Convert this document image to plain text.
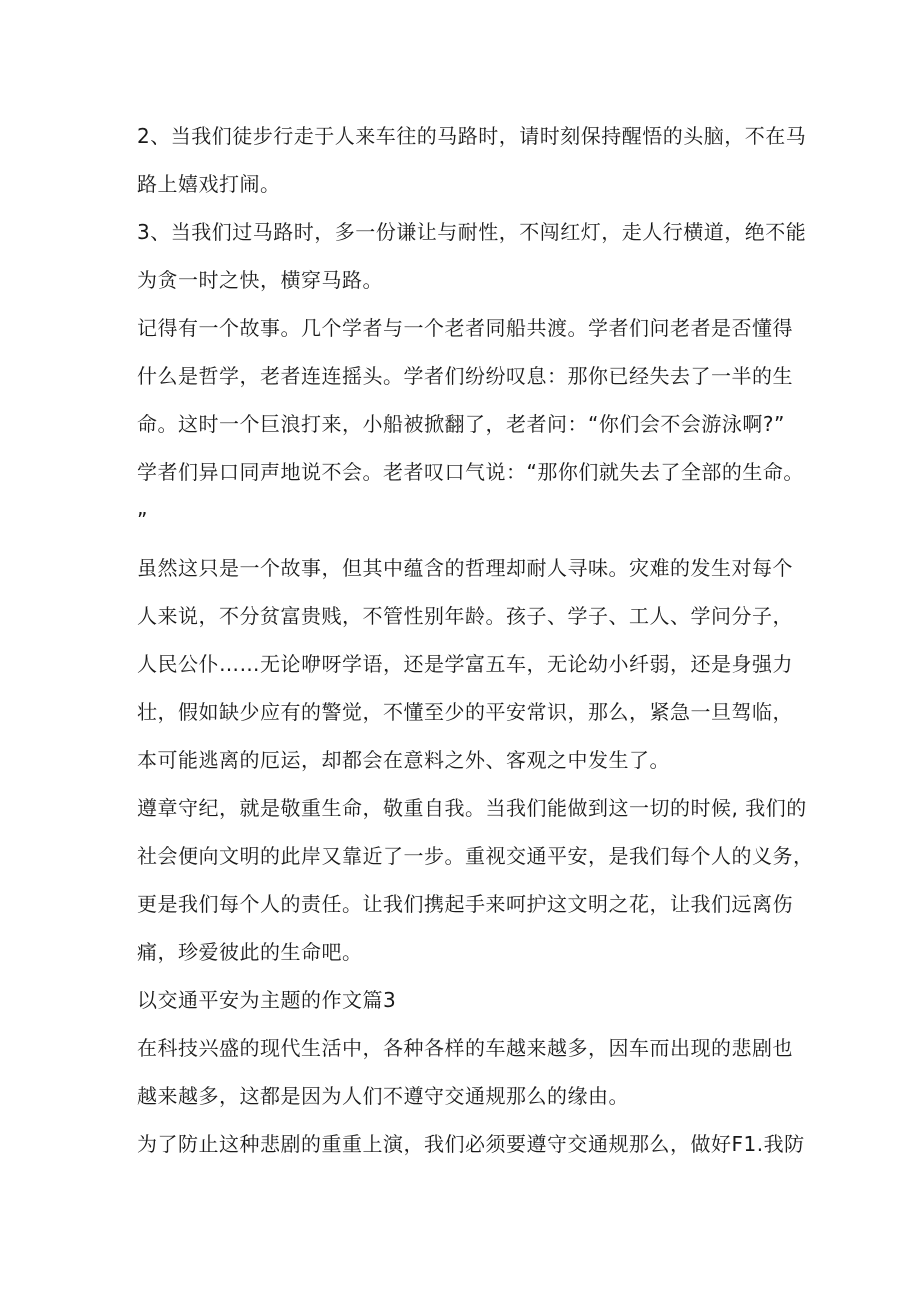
2、当我们徒步行走于人来车往的马路时，请时刻保持醒悟的头脑，不在马
路上嬉戏打闹。
3、当我们过马路时，多一份谦让与耐性，不闯红灯，走人行横道，绝不能
为贪一时之快，横穿马路。
记得有一个故事。几个学者与一个老者同船共渡。学者们问老者是否懂得
什么是哲学，老者连连摇头。学者们纷纷叹息：那你已经失去了一半的生
命。这时一个巨浪打来，小船被掀翻了，老者问：“你们会不会游泳啊?”
学者们异口同声地说不会。老者叹口气说：“那你们就失去了全部的生命。
”
虽然这只是一个故事，但其中蕴含的哲理却耐人寻味。灾难的发生对每个
人来说，不分贫富贵贱，不管性别年龄。孩子、学子、工人、学问分子，
人民公仆……无论咿呀学语，还是学富五车，无论幼小纤弱，还是身强力
壮，假如缺少应有的警觉，不懂至少的平安常识，那么，紧急一旦驾临，
本可能逃离的厄运，却都会在意料之外、客观之中发生了。
遵章守纪，就是敬重生命，敬重自我。当我们能做到这一切的时候, 我们的
社会便向文明的此岸又靠近了一步。重视交通平安，是我们每个人的义务，
更是我们每个人的责任。让我们携起手来呵护这文明之花，让我们远离伤
痛，珍爱彼此的生命吧。
以交通平安为主题的作文篇3
在科技兴盛的现代生活中，各种各样的车越来越多，因车而出现的悲剧也
越来越多，这都是因为人们不遵守交通规那么的缘由。
为了防止这种悲剧的重重上演，我们必须要遵守交通规那么，做好F1.我防
